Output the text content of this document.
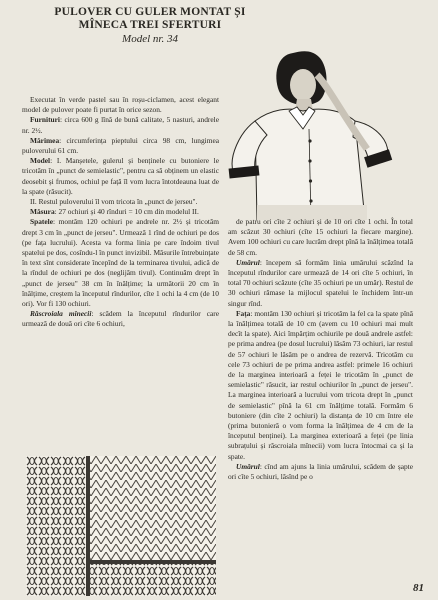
PULOVER CU GULER MONTAT ȘI
MÎNECA TREI SFERTURI
Model nr. 34

Executat în verde pastel sau în roșu-ciclamen, acest elegant model de pulover poate fi purtat în orice sezon.

Furnituri: circa 600 g lînă de bună calitate, 5 nasturi, andrele nr. 2½.

Mărimea: circumferința pieptului circa 98 cm, lungimea puloverului 61 cm.

Model: I. Manșetele, gulerul și benținele cu butoniere le tricotăm în „punct de semielastic", pentru ca să obținem un elastic deosebit și frumos, ochiul pe față îl vom lucra întotdeauna luat de la spate (răsucit).

II. Restul puloverului îl vom tricota în „punct de jerseu".

Măsura: 27 ochiuri și 40 rînduri = 10 cm din modelul II.

Spatele: montăm 120 ochiuri pe andrele nr. 2½ și tricotăm drept 3 cm în „punct de jerseu". Urmează 1 rînd de ochiuri pe dos (pe fața lucrului). Acesta va forma linia pe care îndoim tivul spatelui pe dos, cosîndu-l în punct invizibil. Măsurile întrebuințate în text sînt considerate începînd de la terminarea tivului, adică de la rîndul de ochiuri pe dos (neglijăm tivul). Continuăm drept în „punct de jerseu" 38 cm în înălțime; la următorii 20 cm în înălțime, creștem la începutul rîndurilor, cîte 1 ochi la 4 cm (de 10 ori). Vor fi 130 ochiuri.

Răscroiala mînecii: scădem la începutul rîndurilor care urmează de două ori cîte 6 ochiuri,

de patru ori cîte 2 ochiuri și de 10 ori cîte 1 ochi. În total am scăzut 30 ochiuri (cîte 15 ochiuri la fiecare margine). Avem 100 ochiuri cu care lucrăm drept pînă la înălțimea totală de 58 cm.

Umărul: începem să formăm linia umărului scăzînd la începutul rîndurilor care urmează de 14 ori cîte 5 ochiuri, în total 70 ochiuri scăzute (cîte 35 ochiuri pe un umăr). Restul de 30 ochiuri rămase la mijlocul spatelui le închidem într-un singur rînd.

Fața: montăm 130 ochiuri și tricotăm la fel ca la spate pînă la înălțimea totală de 10 cm (avem cu 10 ochiuri mai mult decît la spate). Aici împărțim ochiurile pe două andrele astfel: pe prima andrea (pe dosul lucrului) lăsăm 73 ochiuri, iar restul de 57 ochiuri le lăsăm pe o andrea de rezervă. Tricotăm cu cele 73 ochiuri de pe prima andrea astfel: primele 16 ochiuri de la marginea interioară a feței le tricotăm în „punct de semielastic" răsucit, iar restul ochiurilor în „punct de jerseu". La marginea interioară a lucrului vom tricota drept în „punct de semielastic" pînă la 61 cm înălțime totală. Formăm 6 butoniere (din cîte 2 ochiuri) la distanța de 10 cm între ele (prima butonieră o vom forma la înălțimea de 4 cm de la începutul benținei). La marginea exterioară a feței (pe linia subrațului și răscroiala mînecii) vom lucra întocmai ca și la spate.

Umărul: cînd am ajuns la linia umărului, scădem de șapte ori cîte 5 ochiuri, lăsînd pe o

81
